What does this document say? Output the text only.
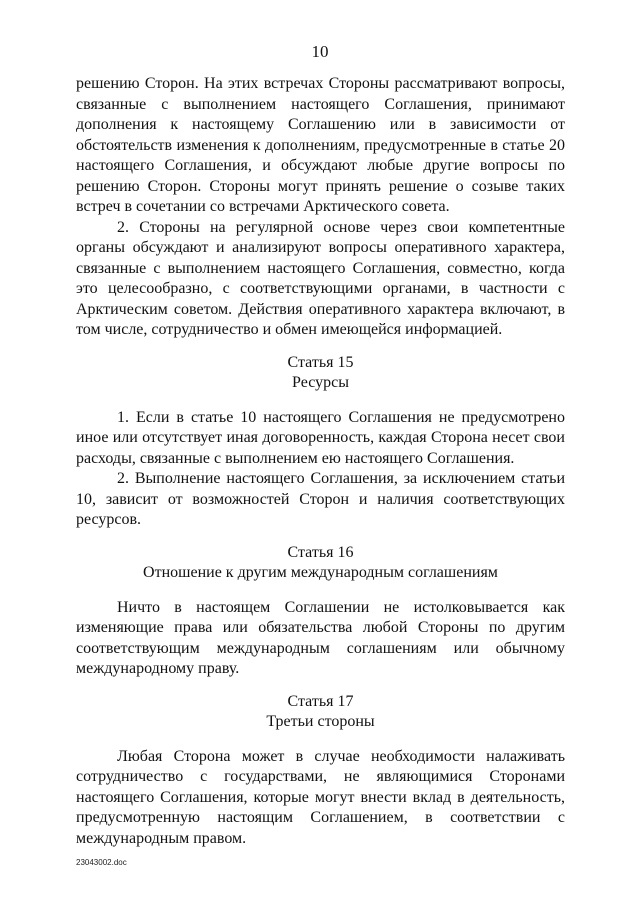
10

решению Сторон. На этих встречах Стороны рассматривают вопросы, связанные с выполнением настоящего Соглашения, принимают дополнения к настоящему Соглашению или в зависимости от обстоятельств изменения к дополнениям, предусмотренные в статье 20 настоящего Соглашения, и обсуждают любые другие вопросы по решению Сторон. Стороны могут принять решение о созыве таких встреч в сочетании со встречами Арктического совета.

2. Стороны на регулярной основе через свои компетентные органы обсуждают и анализируют вопросы оперативного характера, связанные с выполнением настоящего Соглашения, совместно, когда это целесообразно, с соответствующими органами, в частности с Арктическим советом. Действия оперативного характера включают, в том числе, сотрудничество и обмен имеющейся информацией.

Статья 15

Ресурсы

1. Если в статье 10 настоящего Соглашения не предусмотрено иное или отсутствует иная договоренность, каждая Сторона несет свои расходы, связанные с выполнением ею настоящего Соглашения.

2. Выполнение настоящего Соглашения, за исключением статьи 10, зависит от возможностей Сторон и наличия соответствующих ресурсов.

Статья 16

Отношение к другим международным соглашениям

Ничто в настоящем Соглашении не истолковывается как изменяющие права или обязательства любой Стороны по другим соответствующим международным соглашениям или обычному международному праву.

Статья 17

Третьи стороны

Любая Сторона может в случае необходимости налаживать сотрудничество с государствами, не являющимися Сторонами настоящего Соглашения, которые могут внести вклад в деятельность, предусмотренную настоящим Соглашением, в соответствии с международным правом.

23043002.doc
